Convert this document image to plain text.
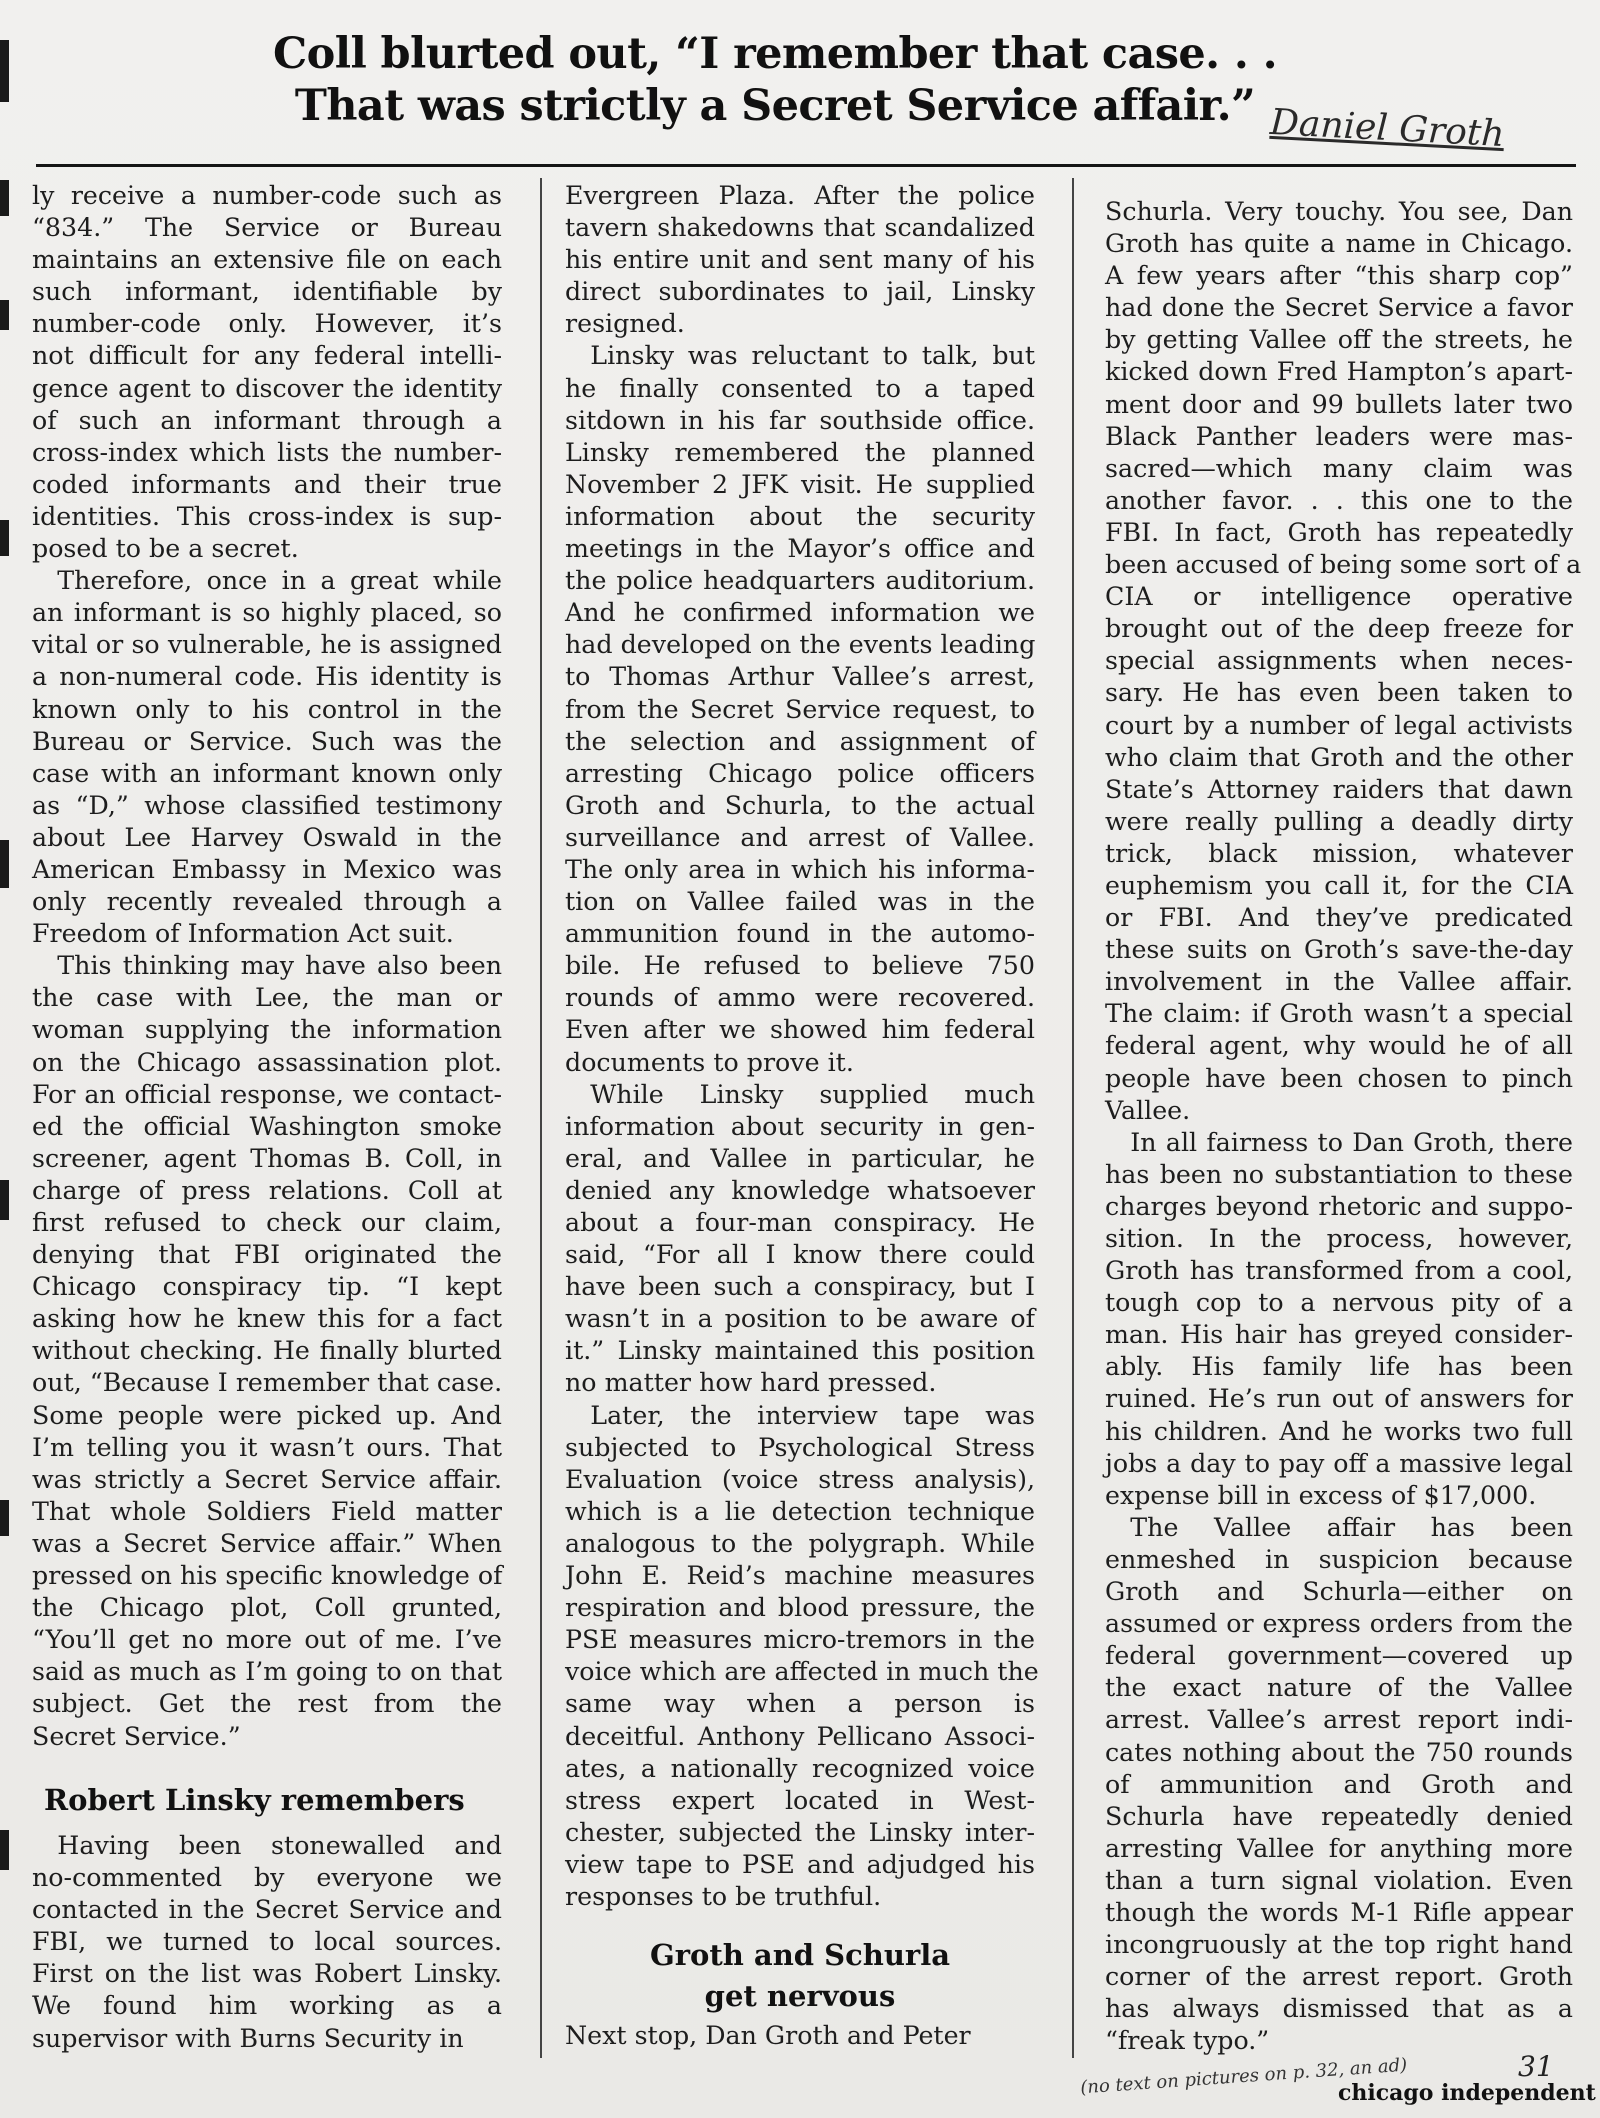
Coll blurted out, “I remember that case. . .
That was strictly a Secret Service affair.” Daniel Groth
ly receive a number-code such as
“834.” The Service or Bureau
maintains an extensive file on each
such informant, identifiable by
number-code only. However, it’s
not difficult for any federal intelli-
gence agent to discover the identity
of such an informant through a
cross-index which lists the number-
coded informants and their true
identities. This cross-index is sup-
posed to be a secret.
 Therefore, once in a great while
an informant is so highly placed, so
vital or so vulnerable, he is assigned
a non-numeral code. His identity is
known only to his control in the
Bureau or Service. Such was the
case with an informant known only
as “D,” whose classified testimony
about Lee Harvey Oswald in the
American Embassy in Mexico was
only recently revealed through a
Freedom of Information Act suit.
 This thinking may have also been
the case with Lee, the man or
woman supplying the information
on the Chicago assassination plot.
For an official response, we contact-
ed the official Washington smoke
screener, agent Thomas B. Coll, in
charge of press relations. Coll at
first refused to check our claim,
denying that FBI originated the
Chicago conspiracy tip. “I kept
asking how he knew this for a fact
without checking. He finally blurted
out, “Because I remember that case.
Some people were picked up. And
I’m telling you it wasn’t ours. That
was strictly a Secret Service affair.
That whole Soldiers Field matter
was a Secret Service affair.” When
pressed on his specific knowledge of
the Chicago plot, Coll grunted,
“You’ll get no more out of me. I’ve
said as much as I’m going to on that
subject. Get the rest from the
Secret Service.”
Robert Linsky remembers
 Having been stonewalled and
no-commented by everyone we
contacted in the Secret Service and
FBI, we turned to local sources.
First on the list was Robert Linsky.
We found him working as a
supervisor with Burns Security in
Evergreen Plaza. After the police
tavern shakedowns that scandalized
his entire unit and sent many of his
direct subordinates to jail, Linsky
resigned.
 Linsky was reluctant to talk, but
he finally consented to a taped
sitdown in his far southside office.
Linsky remembered the planned
November 2 JFK visit. He supplied
information about the security
meetings in the Mayor’s office and
the police headquarters auditorium.
And he confirmed information we
had developed on the events leading
to Thomas Arthur Vallee’s arrest,
from the Secret Service request, to
the selection and assignment of
arresting Chicago police officers
Groth and Schurla, to the actual
surveillance and arrest of Vallee.
The only area in which his informa-
tion on Vallee failed was in the
ammunition found in the automo-
bile. He refused to believe 750
rounds of ammo were recovered.
Even after we showed him federal
documents to prove it.
 While Linsky supplied much
information about security in gen-
eral, and Vallee in particular, he
denied any knowledge whatsoever
about a four-man conspiracy. He
said, “For all I know there could
have been such a conspiracy, but I
wasn’t in a position to be aware of
it.” Linsky maintained this position
no matter how hard pressed.
 Later, the interview tape was
subjected to Psychological Stress
Evaluation (voice stress analysis),
which is a lie detection technique
analogous to the polygraph. While
John E. Reid’s machine measures
respiration and blood pressure, the
PSE measures micro-tremors in the
voice which are affected in much the
same way when a person is
deceitful. Anthony Pellicano Associ-
ates, a nationally recognized voice
stress expert located in West-
chester, subjected the Linsky inter-
view tape to PSE and adjudged his
responses to be truthful.
Groth and Schurla
get nervous
Next stop, Dan Groth and Peter
Schurla. Very touchy. You see, Dan
Groth has quite a name in Chicago.
A few years after “this sharp cop”
had done the Secret Service a favor
by getting Vallee off the streets, he
kicked down Fred Hampton’s apart-
ment door and 99 bullets later two
Black Panther leaders were mas-
sacred—which many claim was
another favor. . . this one to the
FBI. In fact, Groth has repeatedly
been accused of being some sort of a
CIA or intelligence operative
brought out of the deep freeze for
special assignments when neces-
sary. He has even been taken to
court by a number of legal activists
who claim that Groth and the other
State’s Attorney raiders that dawn
were really pulling a deadly dirty
trick, black mission, whatever
euphemism you call it, for the CIA
or FBI. And they’ve predicated
these suits on Groth’s save-the-day
involvement in the Vallee affair.
The claim: if Groth wasn’t a special
federal agent, why would he of all
people have been chosen to pinch
Vallee.
 In all fairness to Dan Groth, there
has been no substantiation to these
charges beyond rhetoric and suppo-
sition. In the process, however,
Groth has transformed from a cool,
tough cop to a nervous pity of a
man. His hair has greyed consider-
ably. His family life has been
ruined. He’s run out of answers for
his children. And he works two full
jobs a day to pay off a massive legal
expense bill in excess of $17,000.
 The Vallee affair has been
enmeshed in suspicion because
Groth and Schurla—either on
assumed or express orders from the
federal government—covered up
the exact nature of the Vallee
arrest. Vallee’s arrest report indi-
cates nothing about the 750 rounds
of ammunition and Groth and
Schurla have repeatedly denied
arresting Vallee for anything more
than a turn signal violation. Even
though the words M-1 Rifle appear
incongruously at the top right hand
corner of the arrest report. Groth
has always dismissed that as a
“freak typo.”
(no text on pictures on p. 32, an ad)	31
chicago independent
